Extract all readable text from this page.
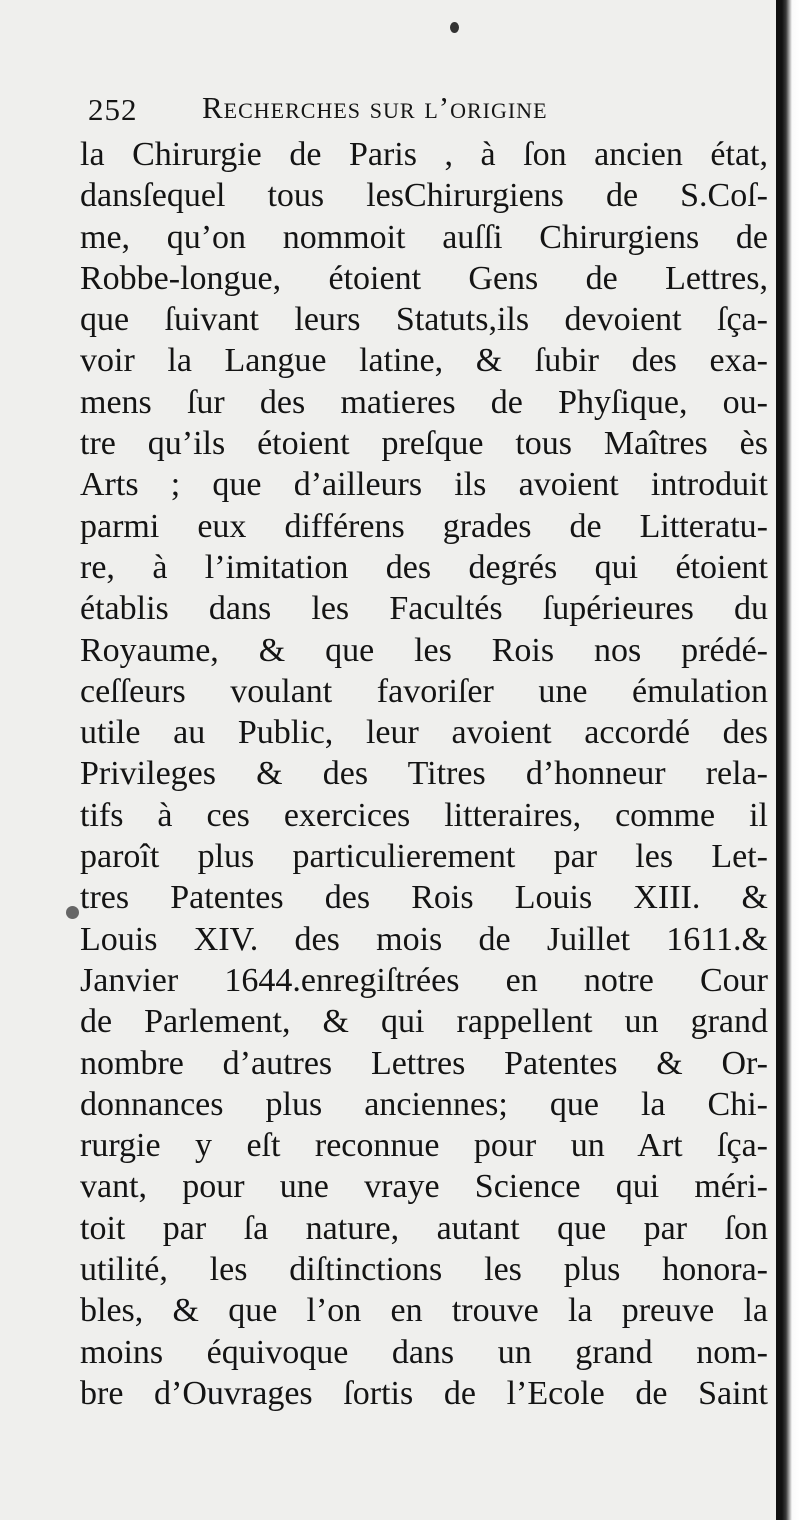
252 Recherches sur l’origine
la Chirurgie de Paris , à ſon ancien état,
dansſequel tous lesChirurgiens de S.Coſ-
me, qu’on nommoit auſſi Chirurgiens de
Robbe-longue, étoient Gens de Lettres,
que ſuivant leurs Statuts,ils devoient ſça-
voir la Langue latine, & ſubir des exa-
mens ſur des matieres de Phyſique, ou-
tre qu’ils étoient preſque tous Maîtres ès
Arts ; que d’ailleurs ils avoient introduit
parmi eux différens grades de Litteratu-
re, à l’imitation des degrés qui étoient
établis dans les Facultés ſupérieures du
Royaume, & que les Rois nos prédé-
ceſſeurs voulant favoriſer une émulation
utile au Public, leur avoient accordé des
Privileges & des Titres d’honneur rela-
tifs à ces exercices litteraires, comme il
paroît plus particulierement par les Let-
tres Patentes des Rois Louis XIII. &
Louis XIV. des mois de Juillet 1611.&
Janvier 1644.enregiſtrées en notre Cour
de Parlement, & qui rappellent un grand
nombre d’autres Lettres Patentes & Or-
donnances plus anciennes; que la Chi-
rurgie y eſt reconnue pour un Art ſça-
vant, pour une vraye Science qui méri-
toit par ſa nature, autant que par ſon
utilité, les diſtinctions les plus honora-
bles, & que l’on en trouve la preuve la
moins équivoque dans un grand nom-
bre d’Ouvrages ſortis de l’Ecole de Saint
